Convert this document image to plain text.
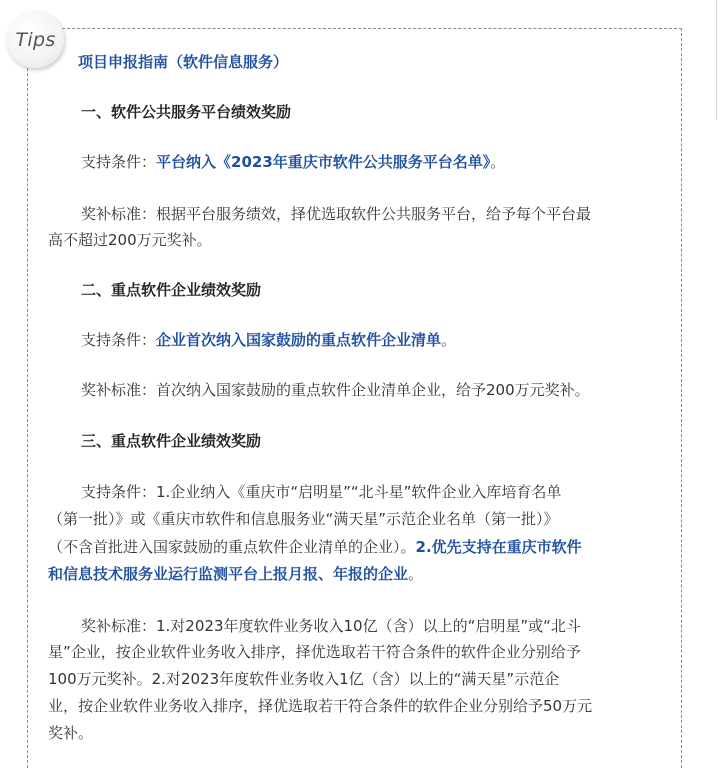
Tips

项目申报指南（软件信息服务）

一、软件公共服务平台绩效奖励

支持条件：平台纳入《2023年重庆市软件公共服务平台名单》。

奖补标准：根据平台服务绩效，择优选取软件公共服务平台，给予每个平台最

高不超过200万元奖补。

二、重点软件企业绩效奖励

支持条件：企业首次纳入国家鼓励的重点软件企业清单。

奖补标准：首次纳入国家鼓励的重点软件企业清单企业，给予200万元奖补。

三、重点软件企业绩效奖励

支持条件：1.企业纳入《重庆市“启明星”“北斗星”软件企业入库培育名单

（第一批）》或《重庆市软件和信息服务业“满天星”示范企业名单（第一批）》

（不含首批进入国家鼓励的重点软件企业清单的企业）。2.优先支持在重庆市软件

和信息技术服务业运行监测平台上报月报、年报的企业。

奖补标准：1.对2023年度软件业务收入10亿（含）以上的“启明星”或“北斗

星”企业，按企业软件业务收入排序，择优选取若干符合条件的软件企业分别给予

100万元奖补。2.对2023年度软件业务收入1亿（含）以上的“满天星”示范企

业，按企业软件业务收入排序，择优选取若干符合条件的软件企业分别给予50万元

奖补。
